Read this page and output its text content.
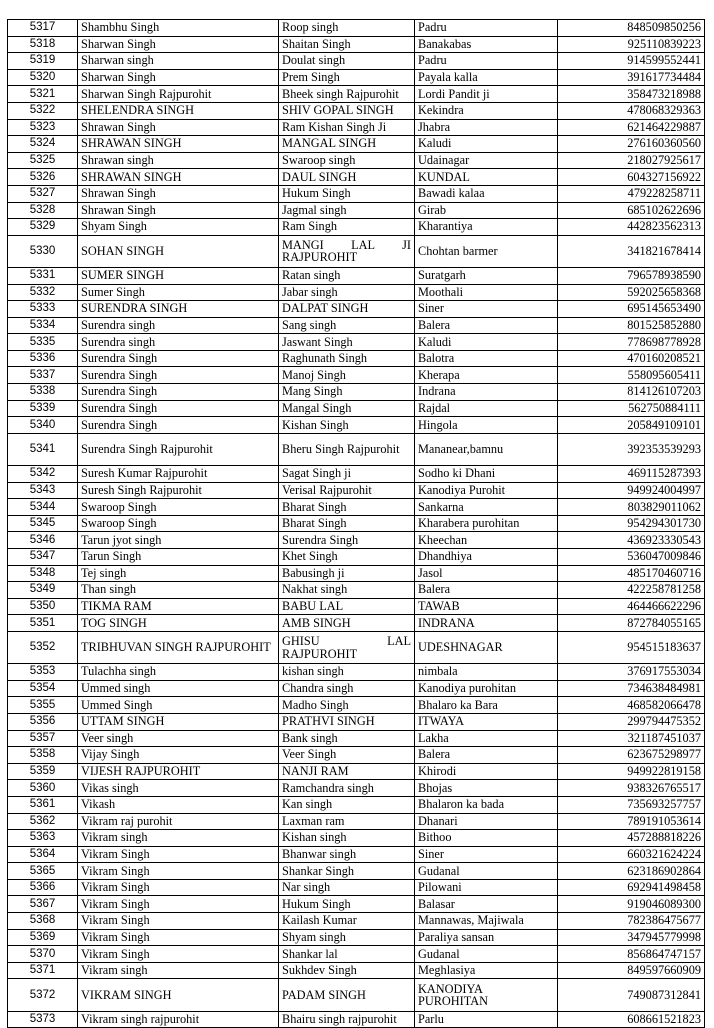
5317	Shambhu Singh	Roop singh	Padru	848509850256
5318	Sharwan Singh	Shaitan Singh	Banakabas	925110839223
5319	Sharwan singh	Doulat singh	Padru	914599552441
5320	Sharwan Singh	Prem Singh	Payala kalla	391617734484
5321	Sharwan Singh Rajpurohit	Bheek singh Rajpurohit	Lordi Pandit ji	358473218988
5322	SHELENDRA SINGH	SHIV GOPAL SINGH	Kekindra	478068329363
5323	Shrawan Singh	Ram Kishan Singh Ji	Jhabra	621464229887
5324	SHRAWAN SINGH	MANGAL SINGH	Kaludi	276160360560
5325	Shrawan singh	Swaroop singh	Udainagar	218027925617
5326	SHRAWAN SINGH	DAUL SINGH	KUNDAL	604327156922
5327	Shrawan Singh	Hukum Singh	Bawadi kalaa	479228258711
5328	Shrawan Singh	Jagmal singh	Girab	685102622696
5329	Shyam Singh	Ram Singh	Kharantiya	442823562313
5330	SOHAN SINGH	MANGI LAL JI RAJPUROHIT	Chohtan barmer	341821678414
5331	SUMER SINGH	Ratan singh	Suratgarh	796578938590
5332	Sumer Singh	Jabar singh	Moothali	592025658368
5333	SURENDRA SINGH	DALPAT SINGH	Siner	695145653490
5334	Surendra singh	Sang singh	Balera	801525852880
5335	Surendra singh	Jaswant Singh	Kaludi	778698778928
5336	Surendra Singh	Raghunath Singh	Balotra	470160208521
5337	Surendra Singh	Manoj Singh	Kherapa	558095605411
5338	Surendra Singh	Mang Singh	Indrana	814126107203
5339	Surendra Singh	Mangal Singh	Rajdal	562750884111
5340	Surendra Singh	Kishan Singh	Hingola	205849109101
5341	Surendra Singh Rajpurohit	Bheru Singh Rajpurohit	Mananear,bamnu	392353539293
5342	Suresh Kumar Rajpurohit	Sagat Singh ji	Sodho ki Dhani	469115287393
5343	Suresh Singh Rajpurohit	Verisal Rajpurohit	Kanodiya Purohit	949924004997
5344	Swaroop Singh	Bharat Singh	Sankarna	803829011062
5345	Swaroop Singh	Bharat Singh	Kharabera purohitan	954294301730
5346	Tarun jyot singh	Surendra Singh	Kheechan	436923330543
5347	Tarun Singh	Khet Singh	Dhandhiya	536047009846
5348	Tej singh	Babusingh ji	Jasol	485170460716
5349	Than singh	Nakhat singh	Balera	422258781258
5350	TIKMA RAM	BABU LAL	TAWAB	464466622296
5351	TOG SINGH	AMB SINGH	INDRANA	872784055165
5352	TRIBHUVAN SINGH RAJPUROHIT	GHISU LAL RAJPUROHIT	UDESHNAGAR	954515183637
5353	Tulachha singh	kishan singh	nimbala	376917553034
5354	Ummed singh	Chandra singh	Kanodiya purohitan	734638484981
5355	Ummed Singh	Madho Singh	Bhalaro ka Bara	468582066478
5356	UTTAM SINGH	PRATHVI SINGH	ITWAYA	299794475352
5357	Veer singh	Bank singh	Lakha	321187451037
5358	Vijay Singh	Veer Singh	Balera	623675298977
5359	VIJESH RAJPUROHIT	NANJI RAM	Khirodi	949922819158
5360	Vikas singh	Ramchandra singh	Bhojas	938326765517
5361	Vikash	Kan singh	Bhalaron ka bada	735693257757
5362	Vikram raj purohit	Laxman ram	Dhanari	789191053614
5363	Vikram singh	Kishan singh	Bithoo	457288818226
5364	Vikram Singh	Bhanwar singh	Siner	660321624224
5365	Vikram Singh	Shankar Singh	Gudanal	623186902864
5366	Vikram Singh	Nar singh	Pilowani	692941498458
5367	Vikram Singh	Hukum Singh	Balasar	919046089300
5368	Vikram Singh	Kailash Kumar	Mannawas, Majiwala	782386475677
5369	Vikram Singh	Shyam singh	Paraliya sansan	347945779998
5370	Vikram Singh	Shankar lal	Gudanal	856864747157
5371	Vikram singh	Sukhdev Singh	Meghlasiya	849597660909
5372	VIKRAM SINGH	PADAM SINGH	KANODIYA PUROHITAN	749087312841
5373	Vikram singh rajpurohit	Bhairu singh rajpurohit	Parlu	608661521823
